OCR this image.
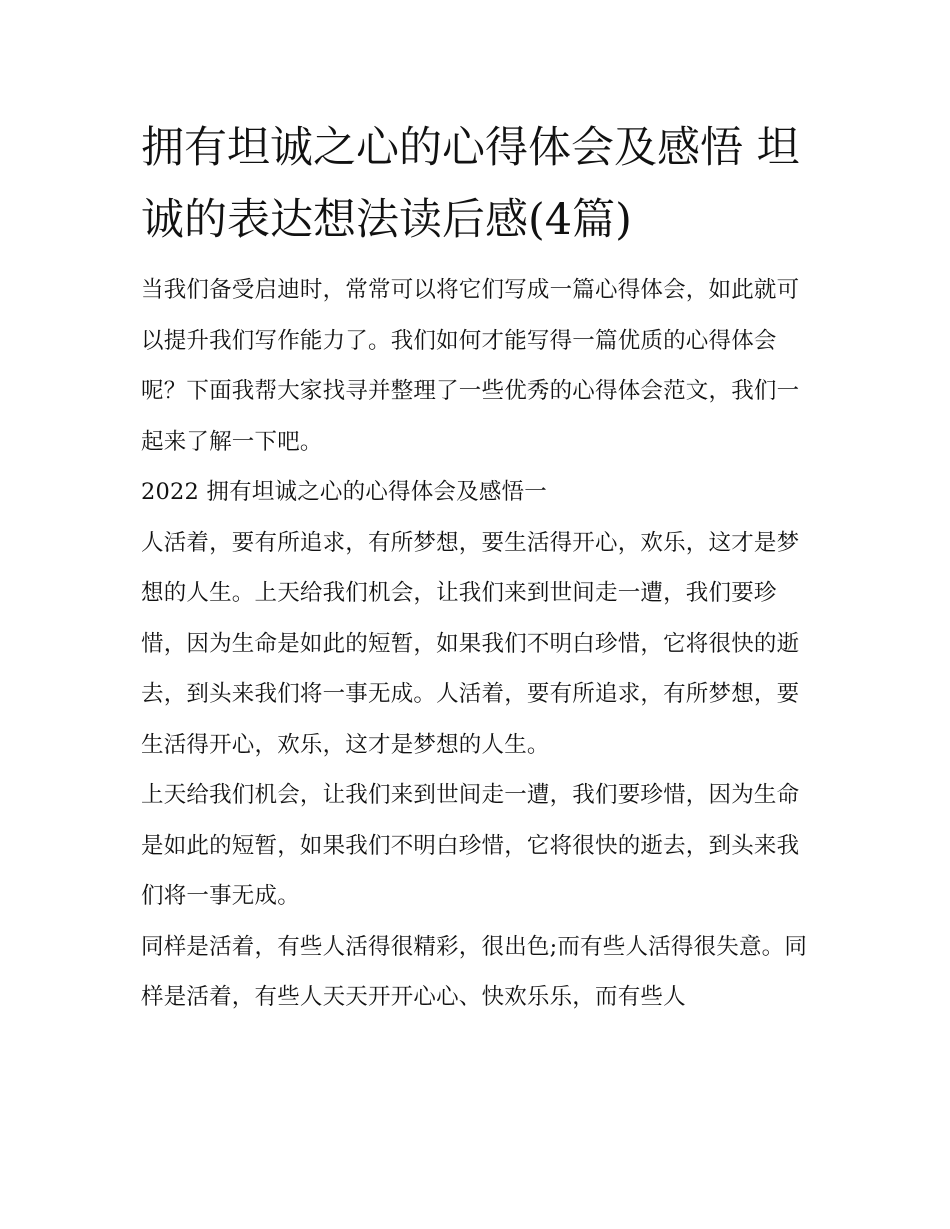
拥有坦诚之心的心得体会及感悟 坦诚的表达想法读后感(4篇)

当我们备受启迪时，常常可以将它们写成一篇心得体会，如此就可以提升我们写作能力了。我们如何才能写得一篇优质的心得体会呢？下面我帮大家找寻并整理了一些优秀的心得体会范文，我们一起来了解一下吧。

2022 拥有坦诚之心的心得体会及感悟一

人活着，要有所追求，有所梦想，要生活得开心，欢乐，这才是梦想的人生。上天给我们机会，让我们来到世间走一遭，我们要珍惜，因为生命是如此的短暂，如果我们不明白珍惜，它将很快的逝去，到头来我们将一事无成。人活着，要有所追求，有所梦想，要生活得开心，欢乐，这才是梦想的人生。

上天给我们机会，让我们来到世间走一遭，我们要珍惜，因为生命是如此的短暂，如果我们不明白珍惜，它将很快的逝去，到头来我们将一事无成。

同样是活着，有些人活得很精彩，很出色;而有些人活得很失意。同样是活着，有些人天天开开心心、快欢乐乐，而有些人
